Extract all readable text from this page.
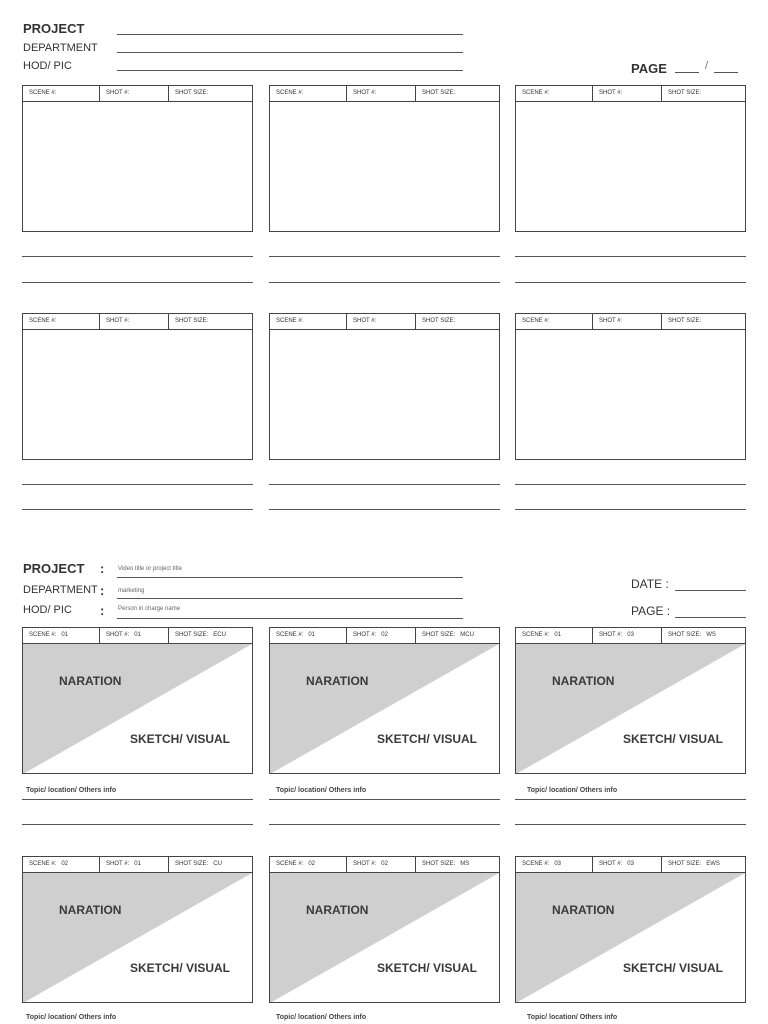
PROJECT
DEPARTMENT
HOD/ PIC	PAGE	/
SCENE #:	SHOT #:	SHOT SIZE:	SCENE #:	SHOT #:	SHOT SIZE:	SCENE #:	SHOT #:	SHOT SIZE:
SCENE #:	SHOT #:	SHOT SIZE:	SCENE #:	SHOT #:	SHOT SIZE:	SCENE #:	SHOT #:	SHOT SIZE:
PROJECT : Video title or project title
DEPARTMENT : marketing
HOD/ PIC : Person in charge name
DATE :
PAGE :
SCENE #: 01	SHOT #: 01	SHOT SIZE: ECU
NARATION
SKETCH/ VISUAL
SCENE #: 01	SHOT #: 02	SHOT SIZE: MCU
NARATION
SKETCH/ VISUAL
SCENE #: 01	SHOT #: 03	SHOT SIZE: WS
NARATION
SKETCH/ VISUAL
SCENE #: 02	SHOT #: 01	SHOT SIZE: CU
NARATION
SKETCH/ VISUAL
SCENE #: 02	SHOT #: 02	SHOT SIZE: MS
NARATION
SKETCH/ VISUAL
SCENE #: 03	SHOT #: 03	SHOT SIZE: EWS
NARATION
SKETCH/ VISUAL
Topic/ location/ Others info	Topic/ location/ Others info	Topic/ location/ Others info
Topic/ location/ Others info	Topic/ location/ Others info	Topic/ location/ Others info
